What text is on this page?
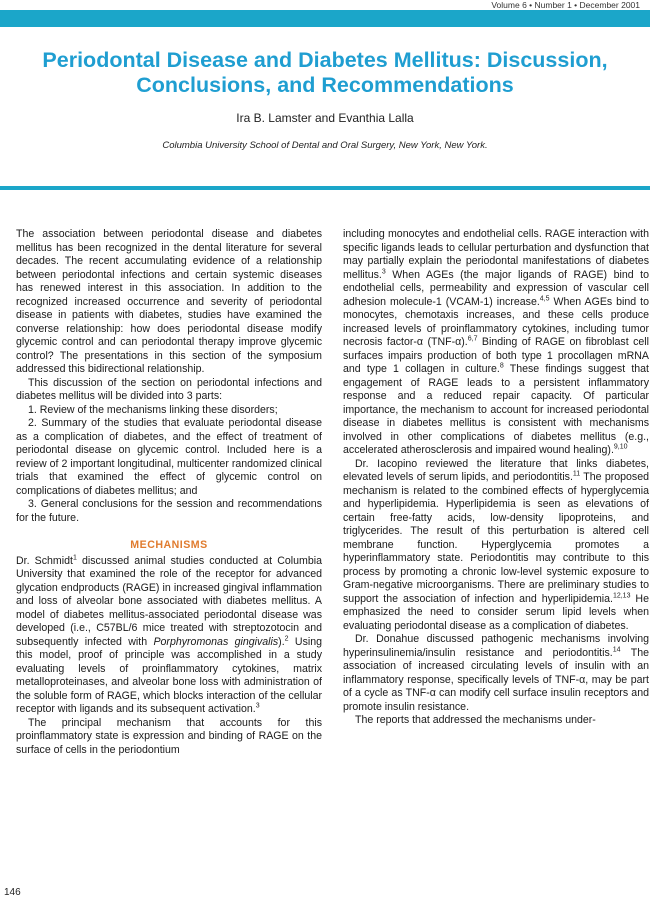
Volume 6 • Number 1 • December 2001
Periodontal Disease and Diabetes Mellitus: Discussion,
Conclusions, and Recommendations
Ira B. Lamster and Evanthia Lalla
Columbia University School of Dental and Oral Surgery, New York, New York.

The association between periodontal disease and diabetes mellitus has been recognized in the dental literature for several decades. The recent accumulating evidence of a relationship between periodontal infections and certain systemic diseases has renewed interest in this association. In addition to the recognized increased occurrence and severity of periodontal disease in patients with diabetes, studies have examined the converse relationship: how does periodontal disease modify glycemic control and can periodontal therapy improve glycemic control? The presentations in this section of the symposium addressed this bidirectional relationship.

This discussion of the section on periodontal infections and diabetes mellitus will be divided into 3 parts:

1. Review of the mechanisms linking these disorders;

2. Summary of the studies that evaluate periodontal disease as a complication of diabetes, and the effect of treatment of periodontal disease on glycemic control. Included here is a review of 2 important longitudinal, multicenter randomized clinical trials that examined the effect of glycemic control on complications of diabetes mellitus; and

3. General conclusions for the session and recommendations for the future.

MECHANISMS

Dr. Schmidt$^1$ discussed animal studies conducted at Columbia University that examined the role of the receptor for advanced glycation endproducts (RAGE) in increased gingival inflammation and loss of alveolar bone associated with diabetes mellitus. A model of diabetes mellitus-associated periodontal disease was developed (i.e., C57BL/6 mice treated with streptozotocin and subsequently infected with Porphyromonas gingivalis).$^2$ Using this model, proof of principle was accomplished in a study evaluating levels of proinflammatory cytokines, matrix metalloproteinases, and alveolar bone loss with administration of the soluble form of RAGE, which blocks interaction of the cellular receptor with ligands and its subsequent activation.$^3$

The principal mechanism that accounts for this proinflammatory state is expression and binding of RAGE on the surface of cells in the periodontium

including monocytes and endothelial cells. RAGE interaction with specific ligands leads to cellular perturbation and dysfunction that may partially explain the periodontal manifestations of diabetes mellitus.$^3$ When AGEs (the major ligands of RAGE) bind to endothelial cells, permeability and expression of vascular cell adhesion molecule-1 (VCAM-1) increase.$^{4,5}$ When AGEs bind to monocytes, chemotaxis increases, and these cells produce increased levels of proinflammatory cytokines, including tumor necrosis factor-α (TNF-α).$^{6,7}$ Binding of RAGE on fibroblast cell surfaces impairs production of both type 1 procollagen mRNA and type 1 collagen in culture.$^8$ These findings suggest that engagement of RAGE leads to a persistent inflammatory response and a reduced repair capacity. Of particular importance, the mechanism to account for increased periodontal disease in diabetes mellitus is consistent with mechanisms involved in other complications of diabetes mellitus (e.g., accelerated atherosclerosis and impaired wound healing).$^{9,10}$

Dr. Iacopino reviewed the literature that links diabetes, elevated levels of serum lipids, and periodontitis.$^{11}$ The proposed mechanism is related to the combined effects of hyperglycemia and hyperlipidemia. Hyperlipidemia is seen as elevations of certain free-fatty acids, low-density lipoproteins, and triglycerides. The result of this perturbation is altered cell membrane function. Hyperglycemia promotes a hyperinflammatory state. Periodontitis may contribute to this process by promoting a chronic low-level systemic exposure to Gram-negative microorganisms. There are preliminary studies to support the association of infection and hyperlipidemia.$^{12,13}$ He emphasized the need to consider serum lipid levels when evaluating periodontal disease as a complication of diabetes.

Dr. Donahue discussed pathogenic mechanisms involving hyperinsulinemia/insulin resistance and periodontitis.$^{14}$ The association of increased circulating levels of insulin with an inflammatory response, specifically levels of TNF-α, may be part of a cycle as TNF-α can modify cell surface insulin receptors and promote insulin resistance.

The reports that addressed the mechanisms under-

146
